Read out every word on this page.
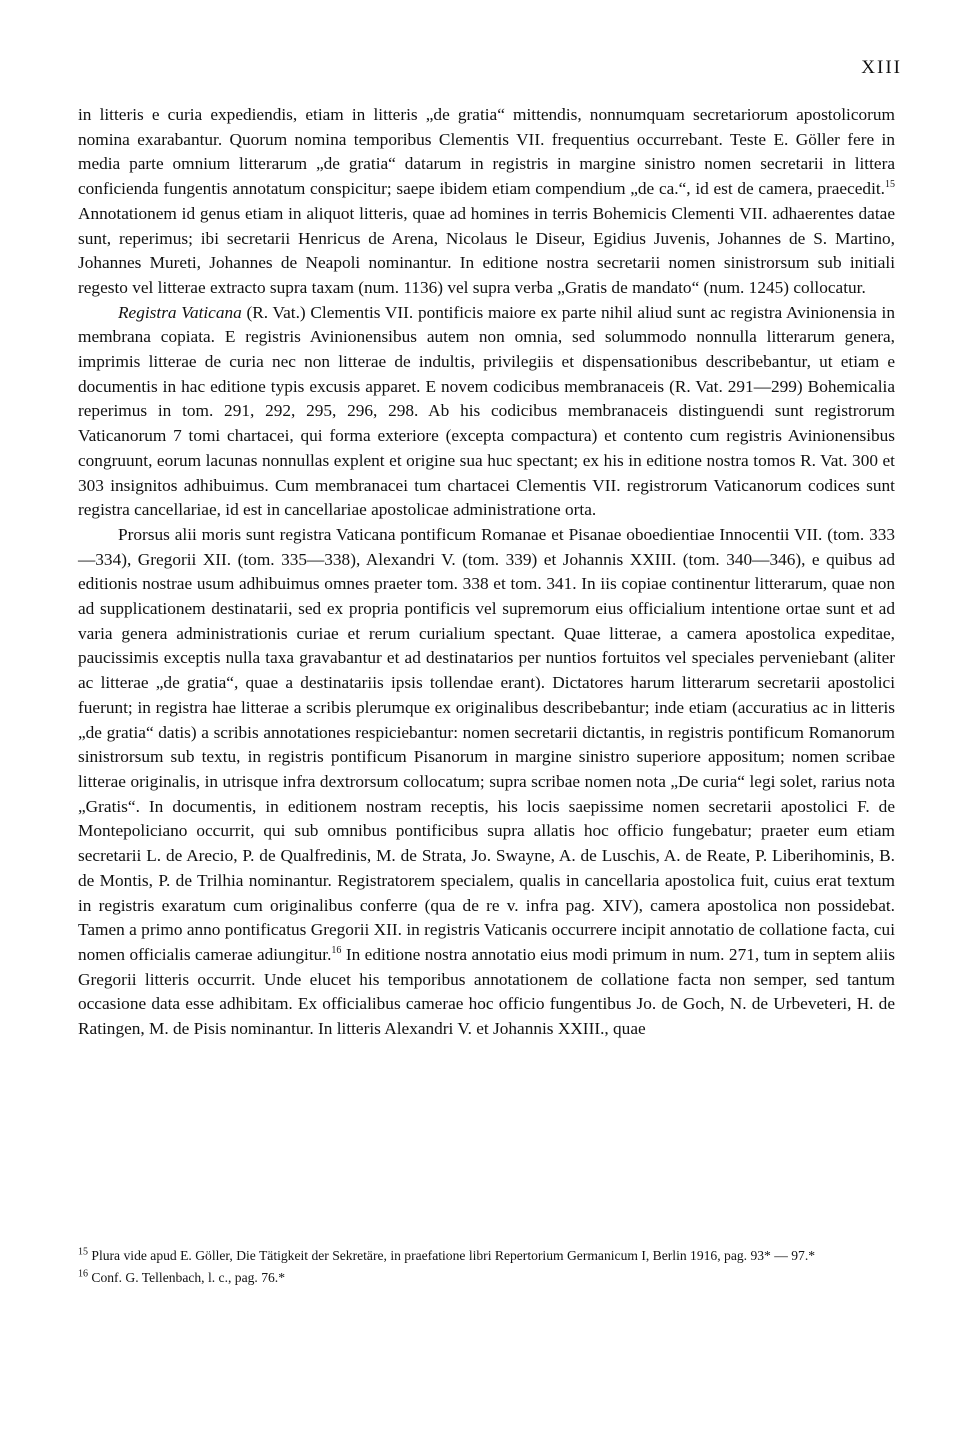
XIII

in litteris e curia expediendis, etiam in litteris „de gratia“ mittendis, nonnumquam secretariorum apostolicorum nomina exarabantur. Quorum nomina temporibus Clementis VII. frequentius occurrebant. Teste E. Göller fere in media parte omnium litterarum „de gratia“ datarum in registris in margine sinistro nomen secretarii in littera conficienda fungentis annotatum conspicitur; saepe ibidem etiam compendium „de ca.“, id est de camera, praecedit.$^{15}$ Annotationem id genus etiam in aliquot litteris, quae ad homines in terris Bohemicis Clementi VII. adhaerentes datae sunt, reperimus; ibi secretarii Henricus de Arena, Nicolaus le Diseur, Egidius Juvenis, Johannes de S. Martino, Johannes Mureti, Johannes de Neapoli nominantur. In editione nostra secretarii nomen sinistrorsum sub initiali regesto vel litterae extracto supra taxam (num. 1136) vel supra verba „Gratis de mandato“ (num. 1245) collocatur.

Registra Vaticana (R. Vat.) Clementis VII. pontificis maiore ex parte nihil aliud sunt ac registra Avinionensia in membrana copiata. E registris Avinionensibus autem non omnia, sed solummodo nonnulla litterarum genera, imprimis litterae de curia nec non litterae de indultis, privilegiis et dispensationibus describebantur, ut etiam e documentis in hac editione typis excusis apparet. E novem codicibus membranaceis (R. Vat. 291—299) Bohemicalia reperimus in tom. 291, 292, 295, 296, 298. Ab his codicibus membranaceis distinguendi sunt registrorum Vaticanorum 7 tomi chartacei, qui forma exteriore (excepta compactura) et contento cum registris Avinionensibus congruunt, eorum lacunas nonnullas explent et origine sua huc spectant; ex his in editione nostra tomos R. Vat. 300 et 303 insignitos adhibuimus. Cum membranacei tum chartacei Clementis VII. registrorum Vaticanorum codices sunt registra cancellariae, id est in cancellariae apostolicae administratione orta.

Prorsus alii moris sunt registra Vaticana pontificum Romanae et Pisanae oboedientiae Innocentii VII. (tom. 333—334), Gregorii XII. (tom. 335—338), Alexandri V. (tom. 339) et Johannis XXIII. (tom. 340—346), e quibus ad editionis nostrae usum adhibuimus omnes praeter tom. 338 et tom. 341. In iis copiae continentur litterarum, quae non ad supplicationem destinatarii, sed ex propria pontificis vel supremorum eius officialium intentione ortae sunt et ad varia genera administrationis curiae et rerum curialium spectant. Quae litterae, a camera apostolica expeditae, paucissimis exceptis nulla taxa gravabantur et ad destinatarios per nuntios fortuitos vel speciales perveniebant (aliter ac litterae „de gratia“, quae a destinatariis ipsis tollendae erant). Dictatores harum litterarum secretarii apostolici fuerunt; in registra hae litterae a scribis plerumque ex originalibus describebantur; inde etiam (accuratius ac in litteris „de gratia“ datis) a scribis annotationes respiciebantur: nomen secretarii dictantis, in registris pontificum Romanorum sinistrorsum sub textu, in registris pontificum Pisanorum in margine sinistro superiore appositum; nomen scribae litterae originalis, in utrisque infra dextrorsum collocatum; supra scribae nomen nota „De curia“ legi solet, rarius nota „Gratis“. In documentis, in editionem nostram receptis, his locis saepissime nomen secretarii apostolici F. de Montepoliciano occurrit, qui sub omnibus pontificibus supra allatis hoc officio fungebatur; praeter eum etiam secretarii L. de Arecio, P. de Qualfredinis, M. de Strata, Jo. Swayne, A. de Luschis, A. de Reate, P. Liberihominis, B. de Montis, P. de Trilhia nominantur. Registratorem specialem, qualis in cancellaria apostolica fuit, cuius erat textum in registris exaratum cum originalibus conferre (qua de re v. infra pag. XIV), camera apostolica non possidebat. Tamen a primo anno pontificatus Gregorii XII. in registris Vaticanis occurrere incipit annotatio de collatione facta, cui nomen officialis camerae adiungitur.$^{16}$ In editione nostra annotatio eius modi primum in num. 271, tum in septem aliis Gregorii litteris occurrit. Unde elucet his temporibus annotationem de collatione facta non semper, sed tantum occasione data esse adhibitam. Ex officialibus camerae hoc officio fungentibus Jo. de Goch, N. de Urbeveteri, H. de Ratingen, M. de Pisis nominantur. In litteris Alexandri V. et Johannis XXIII., quae

$^{15}$ Plura vide apud E. Göller, Die Tätigkeit der Sekretäre, in praefatione libri Repertorium Germanicum I, Berlin 1916, pag. 93* — 97.*

$^{16}$ Conf. G. Tellenbach, l. c., pag. 76.*
